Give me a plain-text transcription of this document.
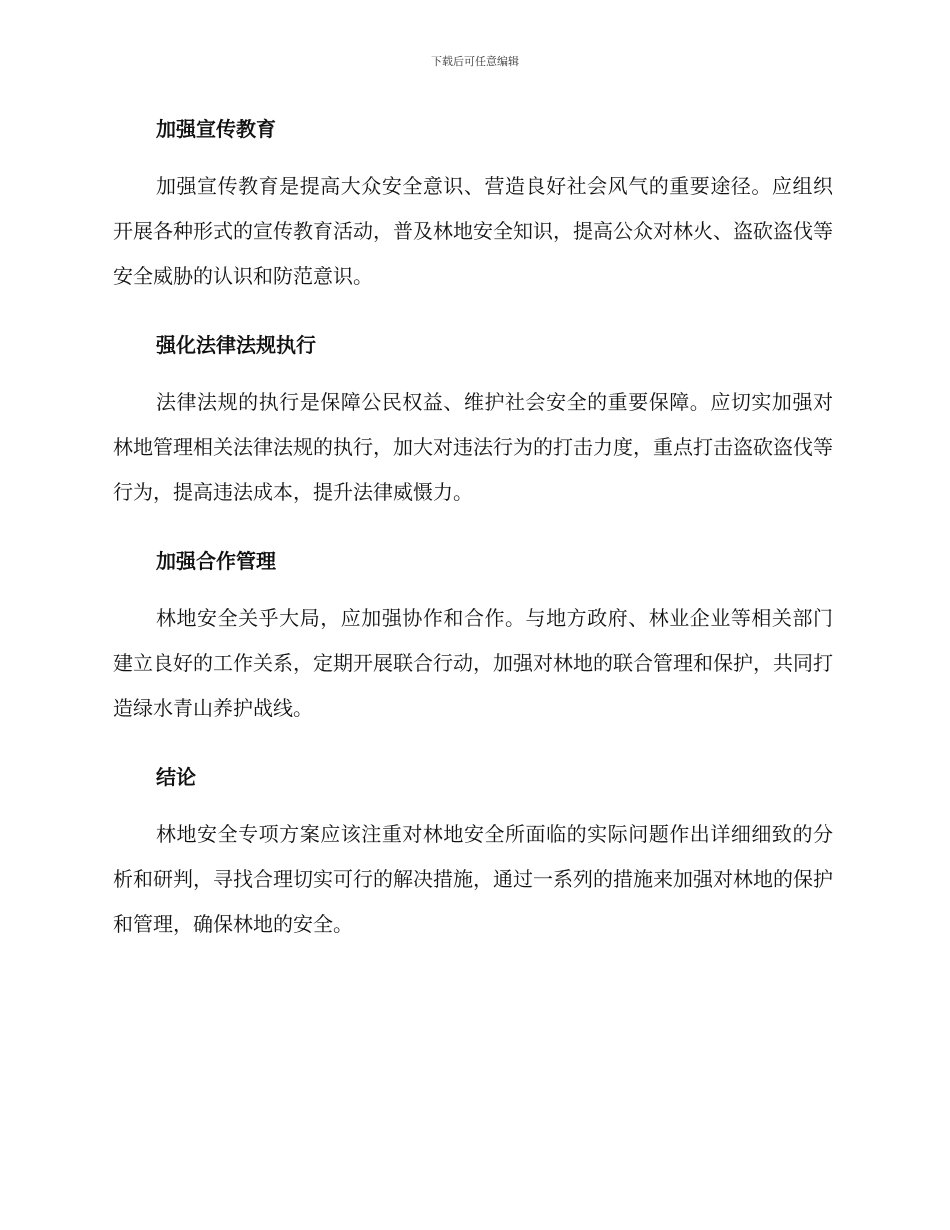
下载后可任意编辑
加强宣传教育

加强宣传教育是提高大众安全意识、营造良好社会风气的重要途径。应组织开展各种形式的宣传教育活动，普及林地安全知识，提高公众对林火、盗砍盗伐等安全威胁的认识和防范意识。

强化法律法规执行

法律法规的执行是保障公民权益、维护社会安全的重要保障。应切实加强对林地管理相关法律法规的执行，加大对违法行为的打击力度，重点打击盗砍盗伐等行为，提高违法成本，提升法律威慑力。

加强合作管理

林地安全关乎大局，应加强协作和合作。与地方政府、林业企业等相关部门建立良好的工作关系，定期开展联合行动，加强对林地的联合管理和保护，共同打造绿水青山养护战线。

结论

林地安全专项方案应该注重对林地安全所面临的实际问题作出详细细致的分析和研判，寻找合理切实可行的解决措施，通过一系列的措施来加强对林地的保护和管理，确保林地的安全。
